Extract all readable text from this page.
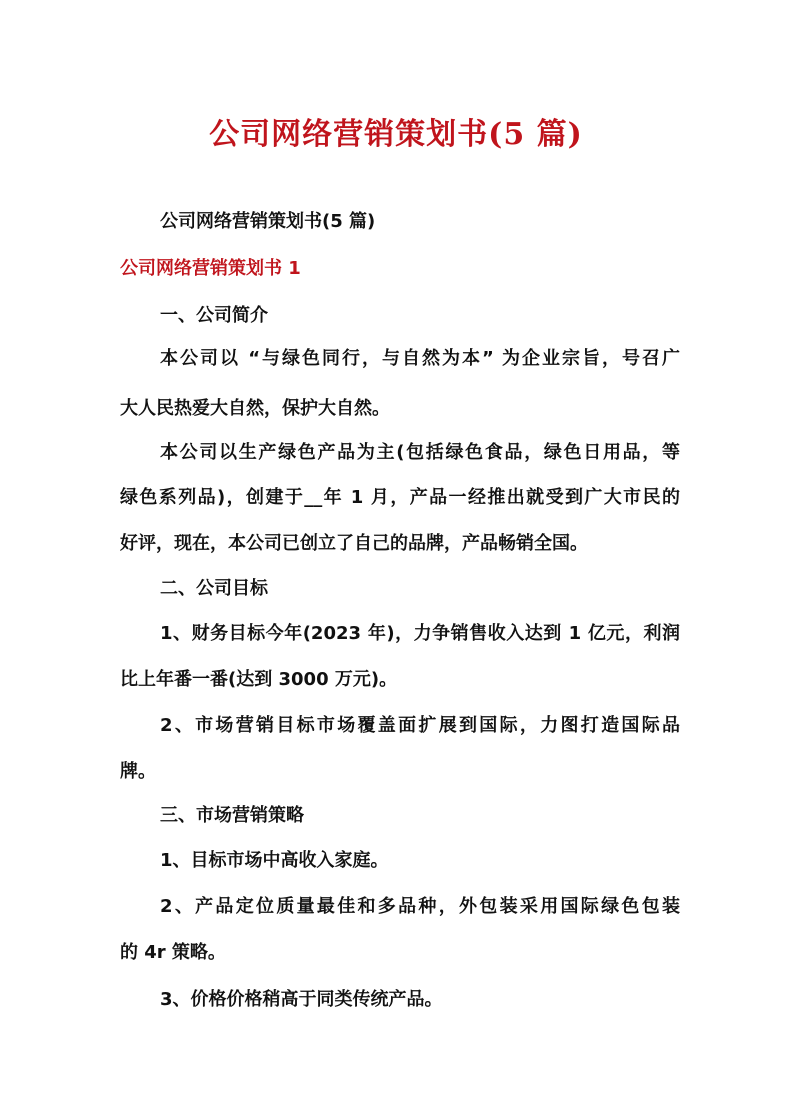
公司网络营销策划书(5 篇)

公司网络营销策划书(5 篇)

公司网络营销策划书 1

一、公司简介

本公司以 “与绿色同行，与自然为本” 为企业宗旨，号召广

大人民热爱大自然，保护大自然。

本公司以生产绿色产品为主(包括绿色食品，绿色日用品，等

绿色系列品)，创建于__年 1 月，产品一经推出就受到广大市民的

好评，现在，本公司已创立了自己的品牌，产品畅销全国。

二、公司目标

1、财务目标今年(2023 年)，力争销售收入达到 1 亿元，利润

比上年番一番(达到 3000 万元)。

2、市场营销目标市场覆盖面扩展到国际，力图打造国际品

牌。

三、市场营销策略

1、目标市场中高收入家庭。

2、产品定位质量最佳和多品种，外包装采用国际绿色包装

的 4r 策略。

3、价格价格稍高于同类传统产品。
